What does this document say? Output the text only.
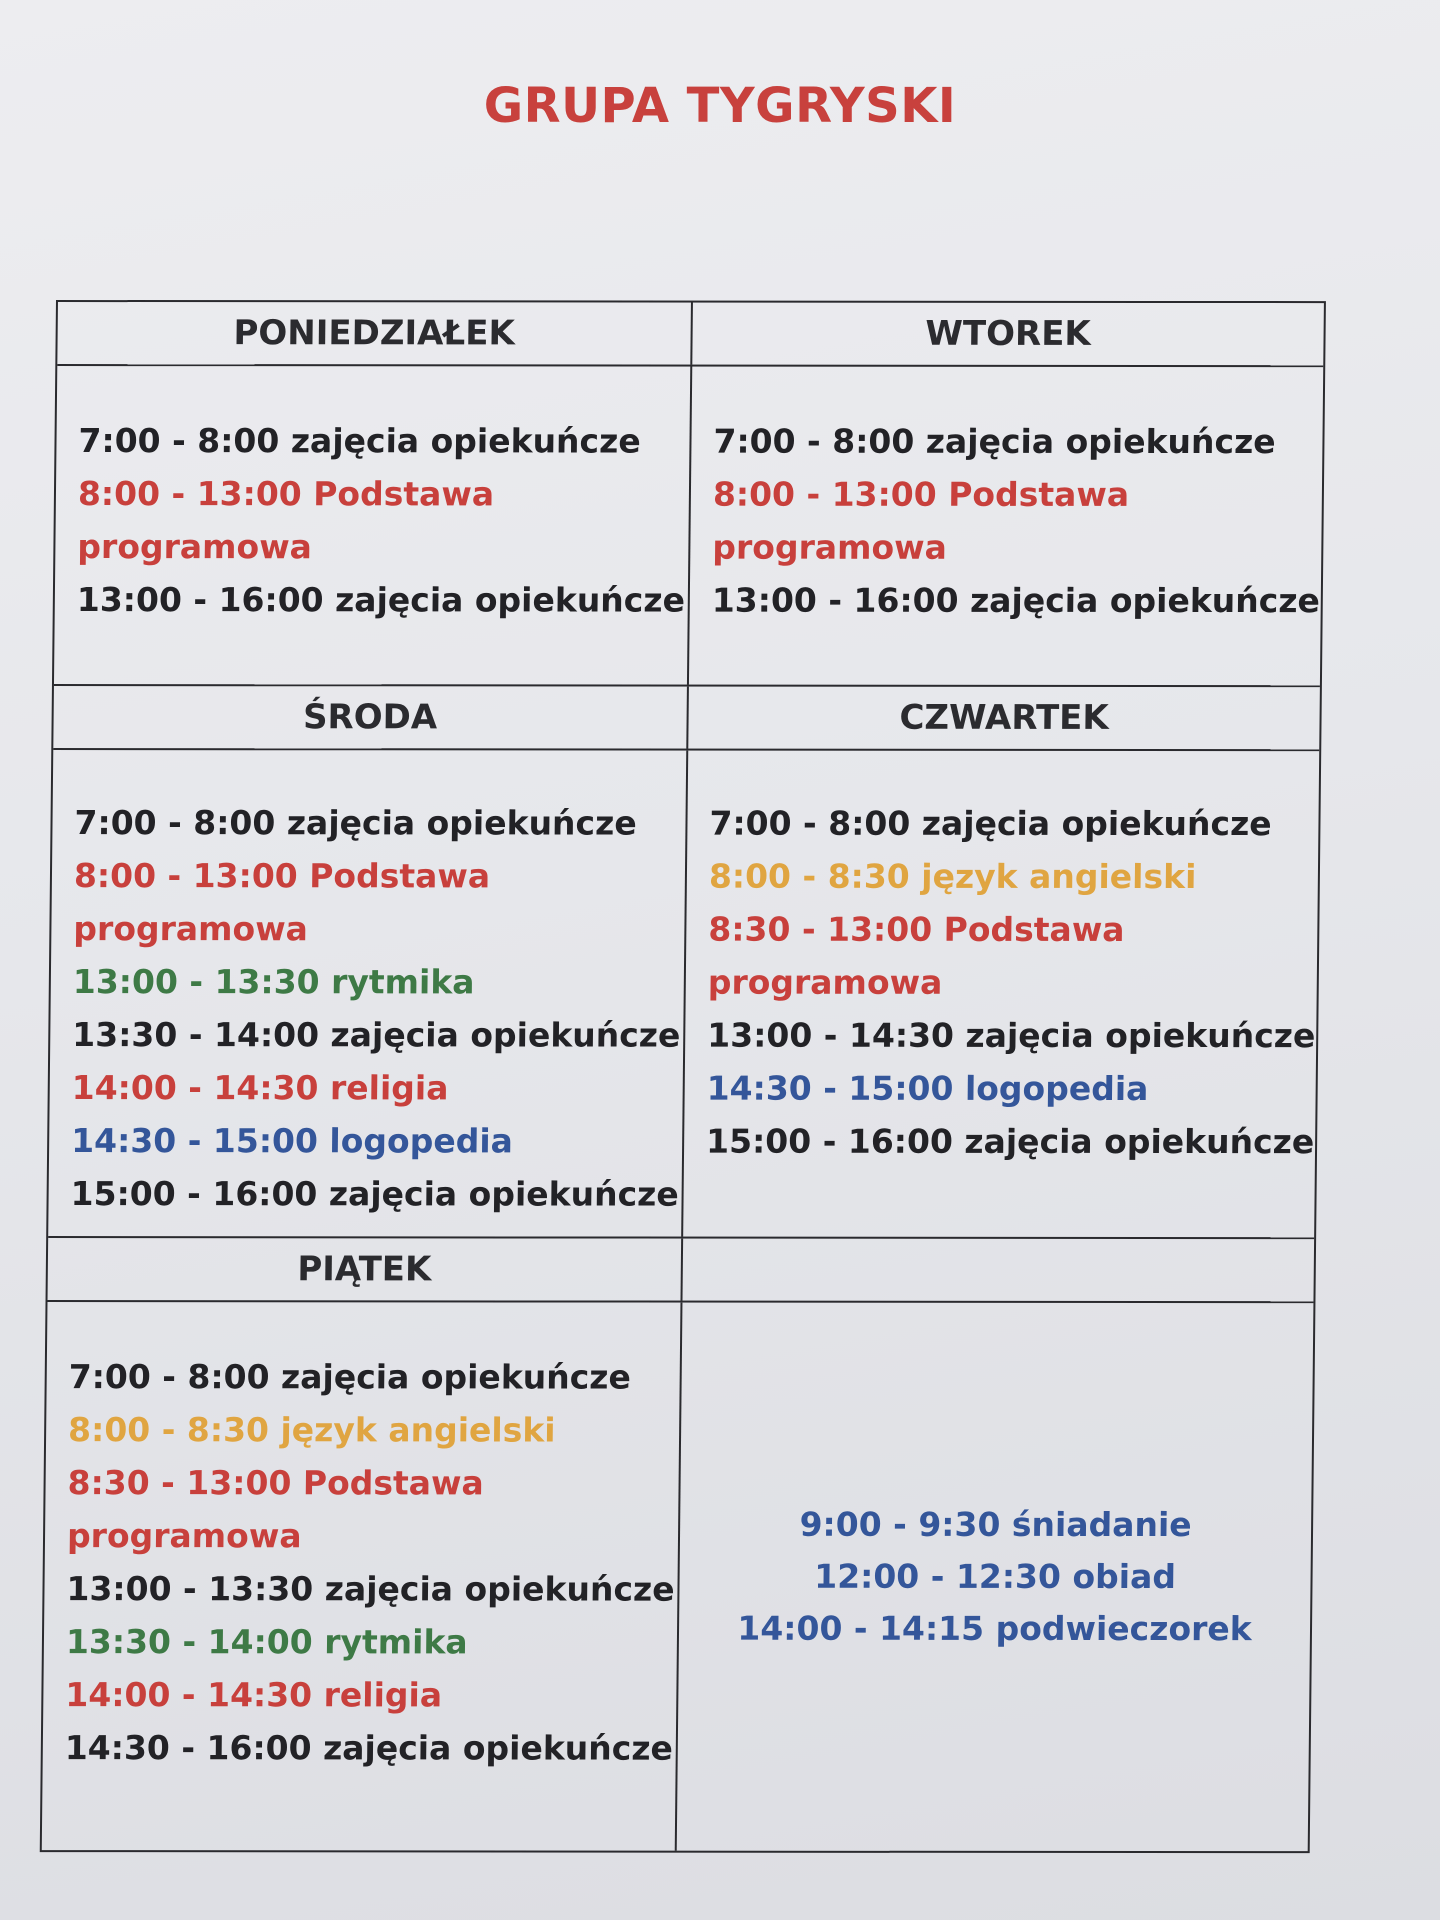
GRUPA TYGRYSKI
PONIEDZIAŁEK	WTOREK
7:00 - 8:00 zajęcia opiekuńcze
8:00 - 13:00 Podstawa
programowa
13:00 - 16:00 zajęcia opiekuńcze
7:00 - 8:00 zajęcia opiekuńcze
8:00 - 13:00 Podstawa
programowa
13:00 - 16:00 zajęcia opiekuńcze
ŚRODA	CZWARTEK
7:00 - 8:00 zajęcia opiekuńcze
8:00 - 13:00 Podstawa
programowa
13:00 - 13:30 rytmika
13:30 - 14:00 zajęcia opiekuńcze
14:00 - 14:30 religia
14:30 - 15:00 logopedia
15:00 - 16:00 zajęcia opiekuńcze
7:00 - 8:00 zajęcia opiekuńcze
8:00 - 8:30 język angielski
8:30 - 13:00 Podstawa
programowa
13:00 - 14:30 zajęcia opiekuńcze
14:30 - 15:00 logopedia
15:00 - 16:00 zajęcia opiekuńcze
PIĄTEK
7:00 - 8:00 zajęcia opiekuńcze
8:00 - 8:30 język angielski
8:30 - 13:00 Podstawa
programowa
13:00 - 13:30 zajęcia opiekuńcze
13:30 - 14:00 rytmika
14:00 - 14:30 religia
14:30 - 16:00 zajęcia opiekuńcze
9:00 - 9:30 śniadanie
12:00 - 12:30 obiad
14:00 - 14:15 podwieczorek
